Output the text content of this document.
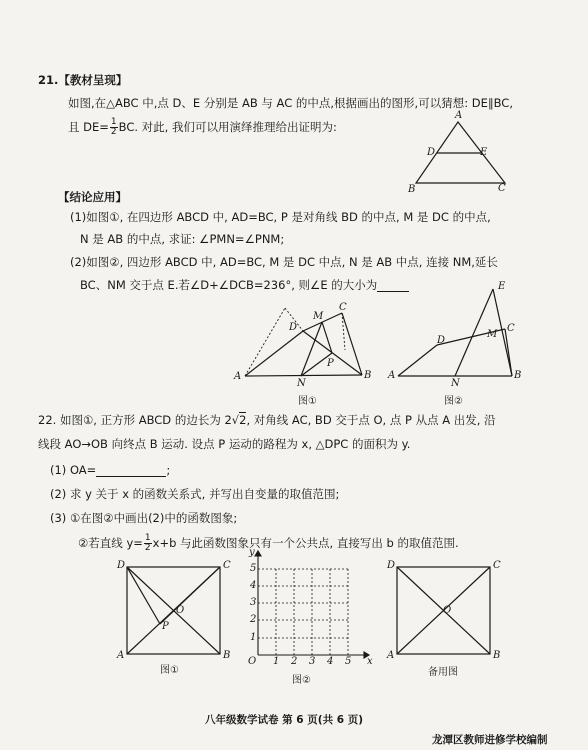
21.【教材呈现】
如图,在△ABC 中,点 D、E 分别是 AB 与 AC 的中点,根据画出的图形,可以猜想: DE∥BC,
且 $DE= \frac{1}{2}$ BC. 对此, 我们可以用演绎推理给出证明为:
A
D	E
B	C
【结论应用】
(1)如图①, 在四边形 ABCD 中, AD=BC, P 是对角线 BD 的中点, M 是 DC 的中点,
N 是 AB 的中点, 求证: ∠PMN=∠PNM;
(2)如图②, 四边形 ABCD 中, AD=BC, M 是 DC 中点, N 是 AB 中点, 连接 NM,延长
BC、NM 交于点 E.若∠D+∠DCB=236°, 则∠E 的大小为
A	B
C
D
M
N
P
图①
A	B
C
D
E
M
N
图②
22. 如图①, 正方形 ABCD 的边长为 2√2, 对角线 AC, BD 交于点 O, 点 P 从点 A 出发, 沿
线段 AO→OB 向终点 B 运动. 设点 P 运动的路程为 x, △DPC 的面积为 y.
(1) OA=	;
(2) 求 y 关于 x 的函数关系式, 并写出自变量的取值范围;
(3) ①在图②中画出(2)中的函数图象;
②若直线 $y= \frac{1}{2} x+b$ 与此函数图象只有一个公共点, 直接写出 b 的取值范围.
D	C
A	B
O
P
图①
y
x
O 1 2 3 4 5
1
2
3
4
5
图②
D	C
A	B
O
备用图
八年级数学试卷 第 6 页(共 6 页)
龙潭区教师进修学校编制
